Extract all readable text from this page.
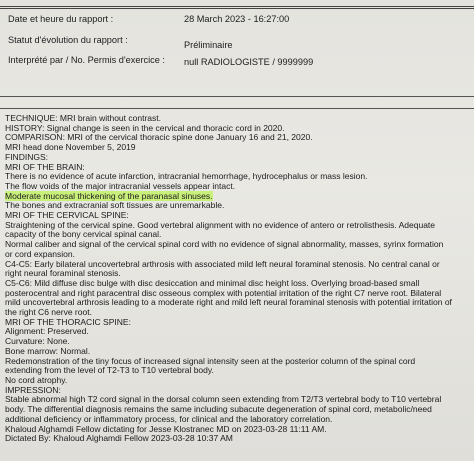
Date et heure du rapport :	28 March 2023 - 16:27:00
Statut d'évolution du rapport :	Préliminaire
Interprété par / No. Permis d'exercice : null RADIOLOGISTE / 9999999
TECHNIQUE: MRI brain without contrast.
HISTORY: Signal change is seen in the cervical and thoracic cord in 2020.
COMPARISON: MRI of the cervical thoracic spine done January 16 and 21, 2020.
MRI head done November 5, 2019
FINDINGS:
MRI OF THE BRAIN:
There is no evidence of acute infarction, intracranial hemorrhage, hydrocephalus or mass lesion.
The flow voids of the major intracranial vessels appear intact.
Moderate mucosal thickening of the paranasal sinuses.
The bones and extracranial soft tissues are unremarkable.
MRI OF THE CERVICAL SPINE:
Straightening of the cervical spine. Good vertebral alignment with no evidence of antero or retrolisthesis. Adequate
capacity of the bony cervical spinal canal.
Normal caliber and signal of the cervical spinal cord with no evidence of signal abnormality, masses, syrinx formation
or cord expansion.
C4-C5: Early bilateral uncovertebral arthrosis with associated mild left neural foraminal stenosis. No central canal or
right neural foraminal stenosis.
C5-C6: Mild diffuse disc bulge with disc desiccation and minimal disc height loss. Overlying broad-based small
posterocentral and right paracentral disc osseous complex with potential irritation of the right C7 nerve root. Bilateral
mild uncovertebral arthrosis leading to a moderate right and mild left neural foraminal stenosis with potential irritation of
the right C6 nerve root.
MRI OF THE THORACIC SPINE:
Alignment: Preserved.
Curvature: None.
Bone marrow: Normal.
Redemonstration of the tiny focus of increased signal intensity seen at the posterior column of the spinal cord
extending from the level of T2-T3 to T10 vertebral body.
No cord atrophy.
IMPRESSION:
Stable abnormal high T2 cord signal in the dorsal column seen extending from T2/T3 vertebral body to T10 vertebral
body. The differential diagnosis remains the same including subacute degeneration of spinal cord, metabolic/need
additional deficiency or inflammatory process, for clinical and the laboratory correlation.
Khaloud Alghamdi Fellow dictating for Jesse Klostranec MD on 2023-03-28 11:11 AM.
Dictated By: Khaloud Alghamdi Fellow 2023-03-28 10:37 AM
